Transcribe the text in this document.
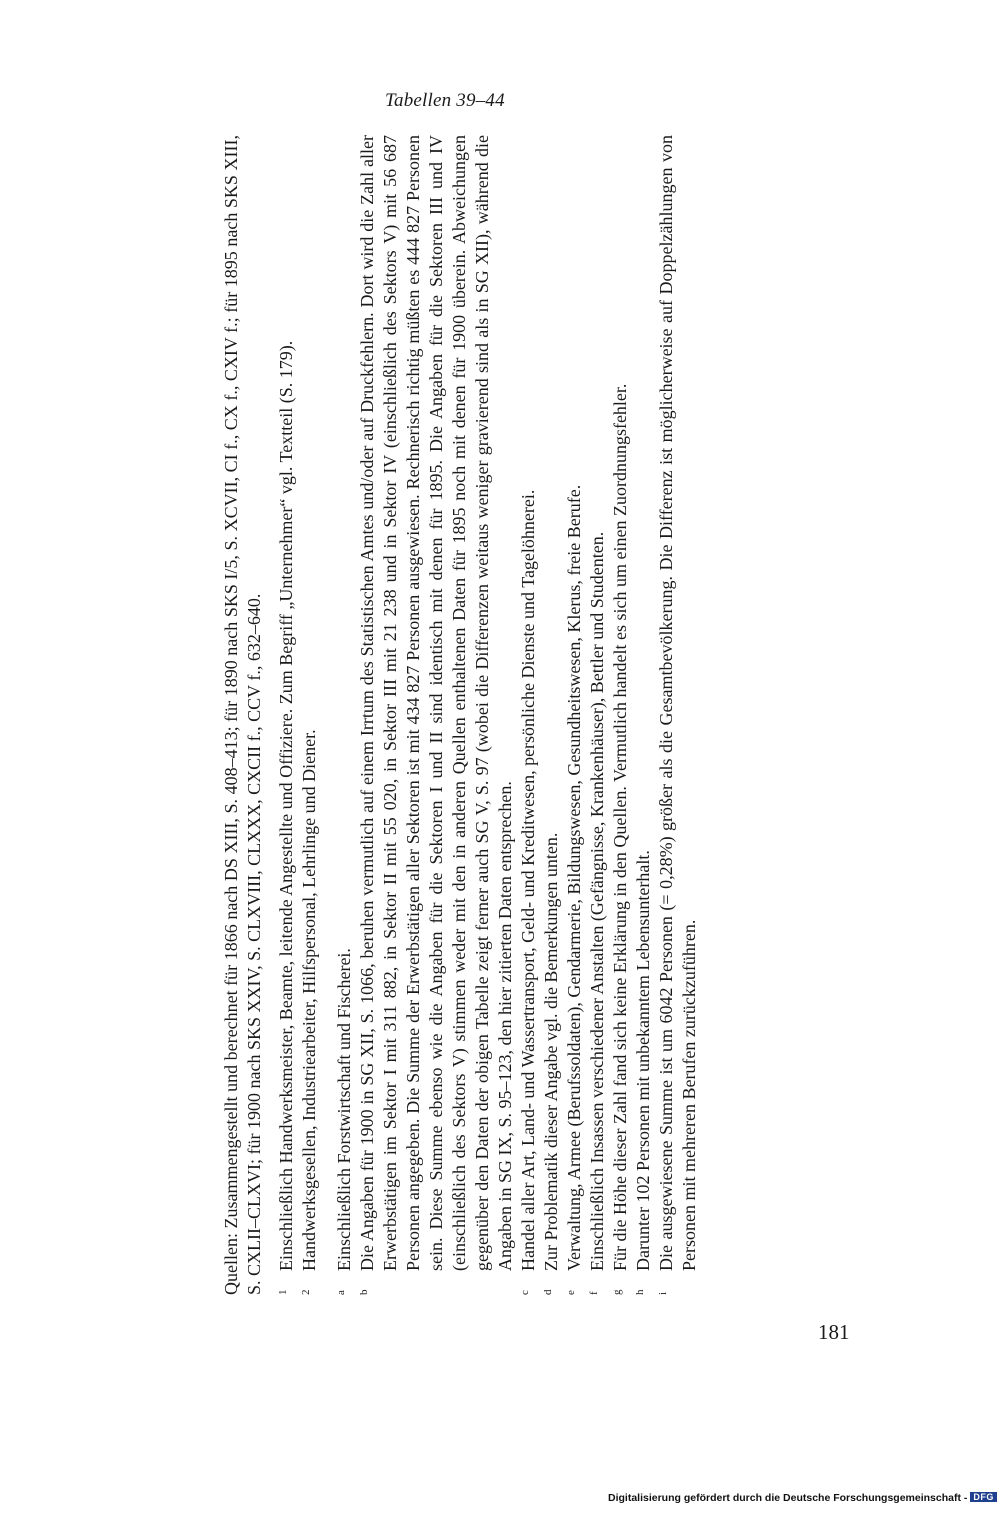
Tabellen 39–44

Quellen: Zusammengestellt und berechnet für 1866 nach DS XIII, S. 408–413; für 1890 nach SKS I/5, S. XCVII, CI f., CX f., CXIV f.; für 1895 nach SKS XIII, S. CXLII–CLXVI; für 1900 nach SKS XXIV, S. CLXVIII, CLXXX, CXCII f., CCV f., 632–640.	1
Einschließlich Handwerksmeister, Beamte, leitende Angestellte und Offiziere. Zum Begriff „Unternehmer“ vgl. Textteil (S. 179).

2
Handwerksgesellen, Industriearbeiter, Hilfspersonal, Lehrlinge und Diener.

a
Einschließlich Forstwirtschaft und Fischerei.

b
Die Angaben für 1900 in SG XII, S. 1066, beruhen vermutlich auf einem Irrtum des Statistischen Amtes und/oder auf Druckfehlern. Dort wird die Zahl aller Erwerbstätigen im Sektor I mit 311 882, in Sektor II mit 55 020, in Sektor III mit 21 238 und in Sektor IV (einschließlich des Sektors V) mit 56 687 Personen angegeben. Die Summe der Erwerbstätigen aller Sektoren ist mit 434 827 Personen ausgewiesen. Rechnerisch richtig müßten es 444 827 Personen sein. Diese Summe ebenso wie die Angaben für die Sektoren I und II sind identisch mit denen für 1895. Die Angaben für die Sektoren III und IV (einschließlich des Sektors V) stimmen weder mit den in anderen Quellen enthaltenen Daten für 1895 noch mit denen für 1900 überein. Abweichungen gegenüber den Daten der obigen Tabelle zeigt ferner auch SG V, S. 97 (wobei die Differenzen weitaus weniger gravierend sind als in SG XII), während die Angaben in SG IX, S. 95–123, den hier zitierten Daten entsprechen.

c
Handel aller Art, Land- und Wassertransport, Geld- und Kreditwesen, persönliche Dienste und Tagelöhnerei.

d
Zur Problematik dieser Angabe vgl. die Bemerkungen unten.

e
Verwaltung, Armee (Berufssoldaten), Gendarmerie, Bildungswesen, Gesundheitswesen, Klerus, freie Berufe.

f
Einschließlich Insassen verschiedener Anstalten (Gefängnisse, Krankenhäuser), Bettler und Studenten.

g
Für die Höhe dieser Zahl fand sich keine Erklärung in den Quellen. Vermutlich handelt es sich um einen Zuordnungsfehler.

h
Darunter 102 Personen mit unbekanntem Lebensunterhalt.

i
Die ausgewiesene Summe ist um 6042 Personen (= 0,28%) größer als die Gesamtbevölkerung. Die Differenz ist möglicherweise auf Doppelzählungen von Personen mit mehreren Berufen zurückzuführen.

181
Digitalisierung gefördert durch die Deutsche Forschungsgemeinschaft - DFG
